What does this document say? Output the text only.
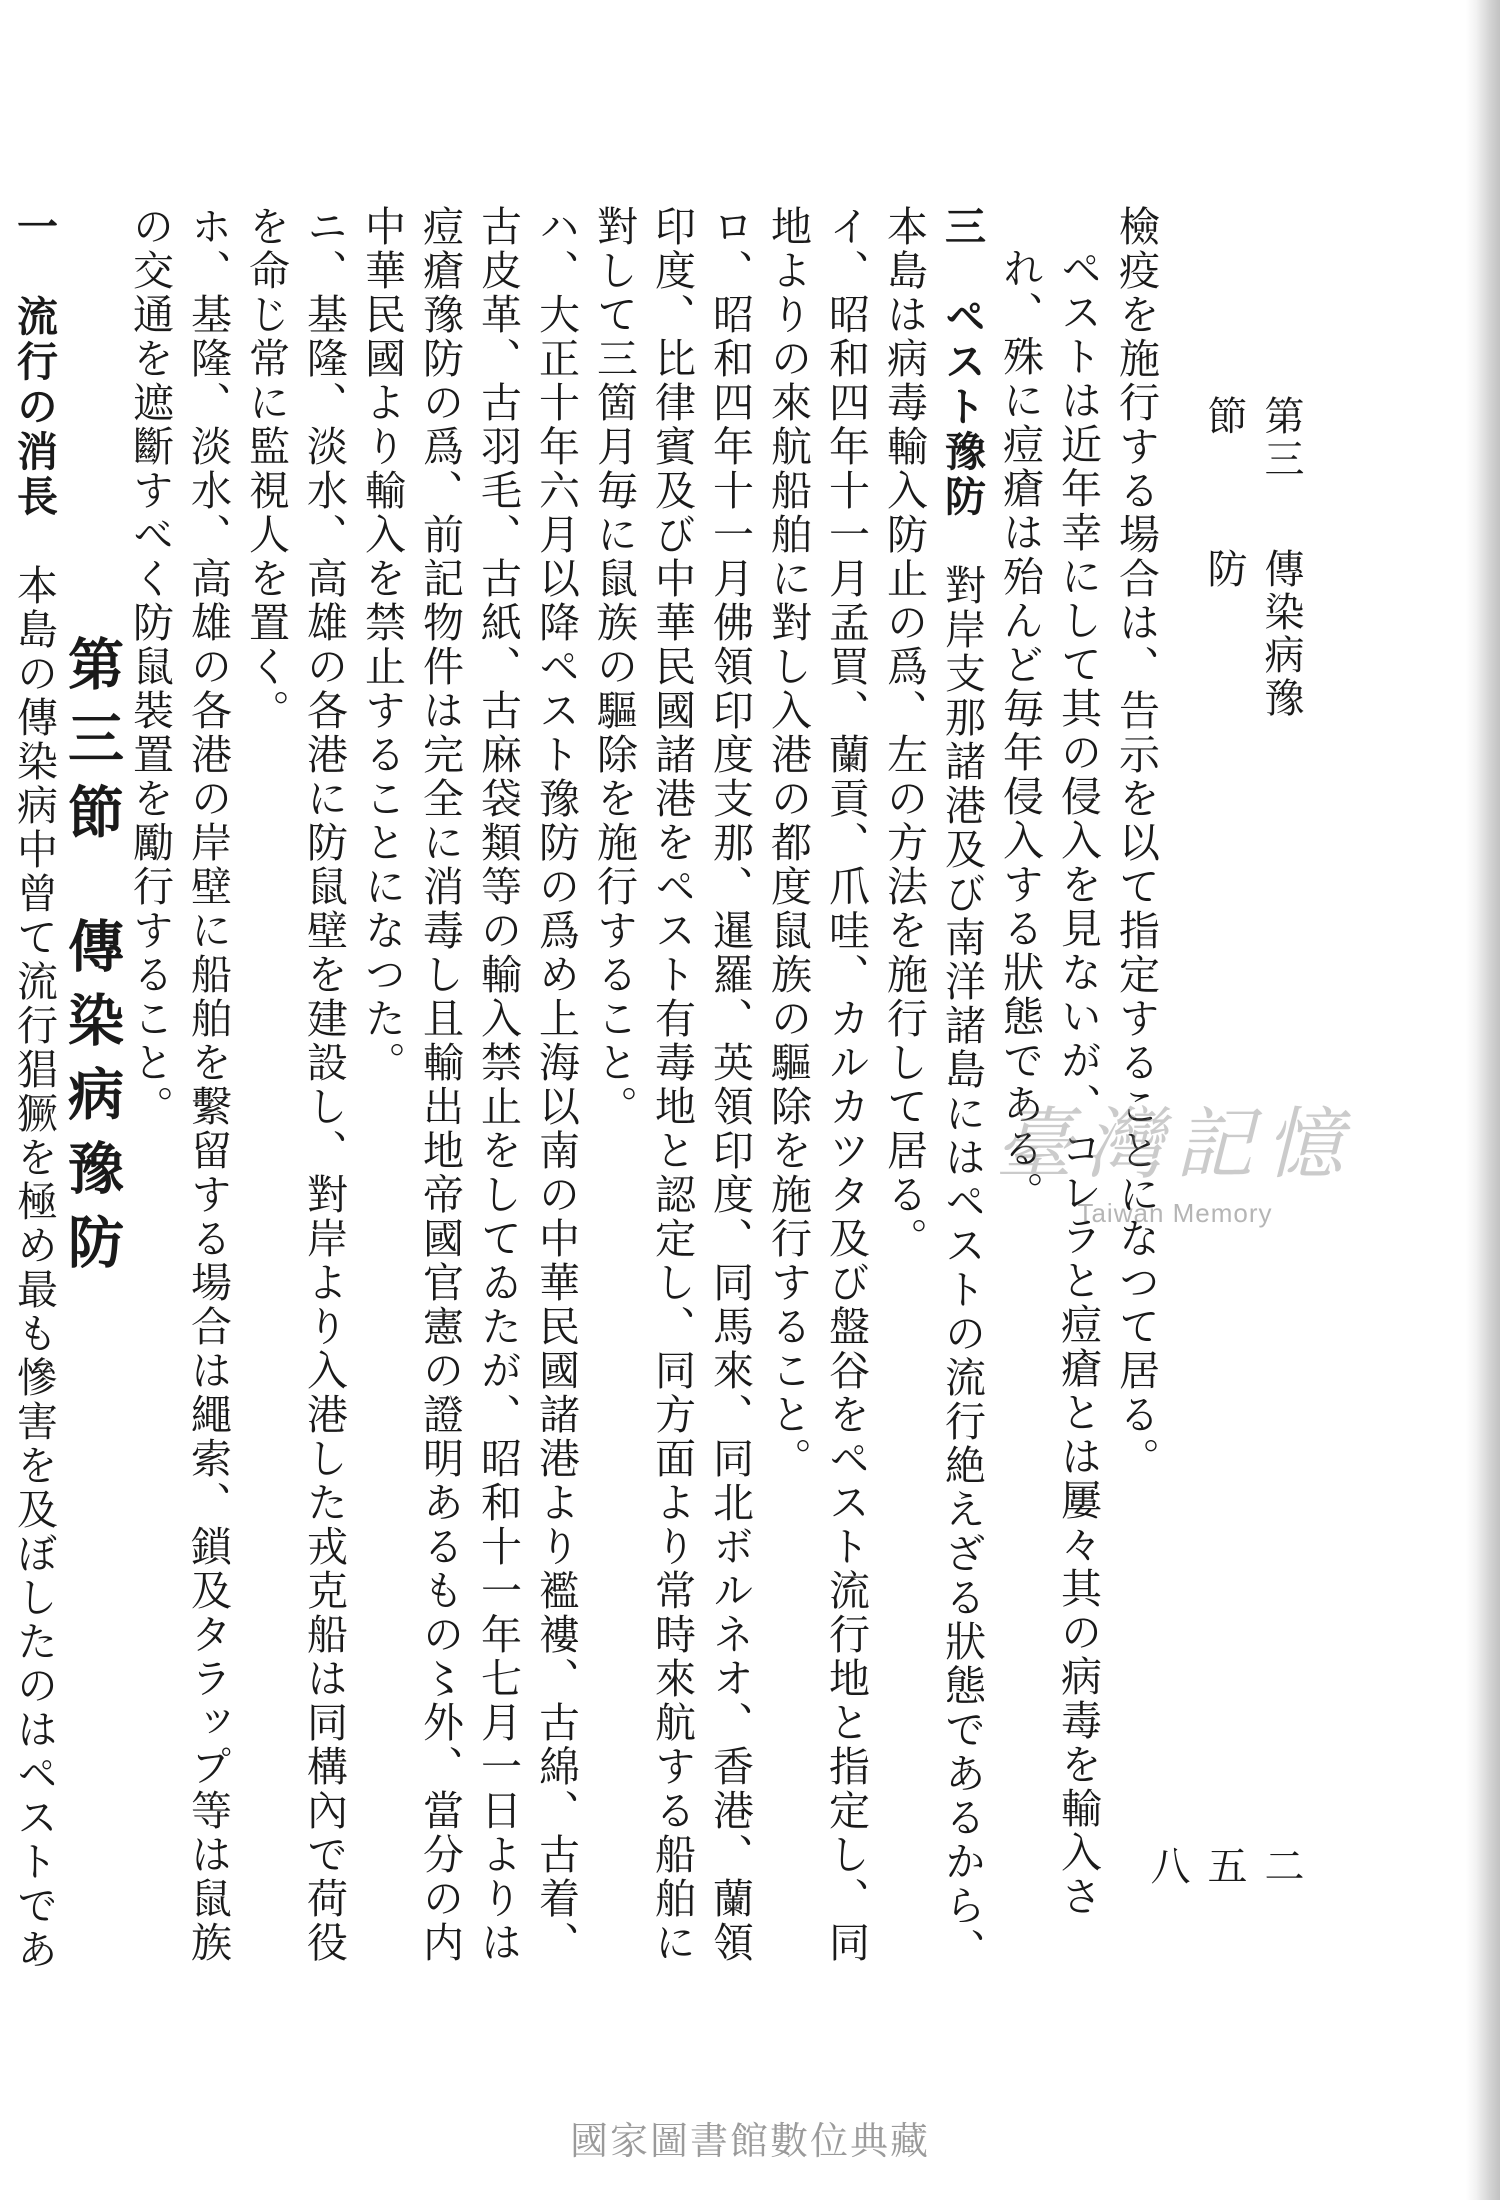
第三節
傳染病豫防
二五八

檢疫を施行する場合は、告示を以て指定することになつて居る。

ペストは近年幸にして其の侵入を見ないが、コレラと痘瘡とは屢々其の病毒を輸入され、殊に痘瘡は殆んど毎年侵入する狀態である。

三　ペスト豫防　對岸支那諸港及び南洋諸島にはペストの流行絶えざる狀態であるから、本島は病毒輸入防止の爲、左の方法を施行して居る。

イ、昭和四年十一月孟買、蘭貢、爪哇、カルカツタ及び盤谷をペスト流行地と指定し、同地よりの來航船舶に對し入港の都度鼠族の驅除を施行すること。

ロ、昭和四年十一月佛領印度支那、暹羅、英領印度、同馬來、同北ボルネオ、香港、蘭領印度、比律賓及び中華民國諸港をペスト有毒地と認定し、同方面より常時來航する船舶に對して三箇月毎に鼠族の驅除を施行すること。

ハ、大正十年六月以降ペスト豫防の爲め上海以南の中華民國諸港より襤褸、古綿、古着、古皮革、古羽毛、古紙、古麻袋類等の輸入禁止をしてゐたが、昭和十一年七月一日よりは痘瘡豫防の爲、前記物件は完全に消毒し且輸出地帝國官憲の證明あるもの〻外、當分の内中華民國より輸入を禁止することになつた。

ニ、基隆、淡水、高雄の各港に防鼠壁を建設し、對岸より入港した戎克船は同構內で荷役を命じ常に監視人を置く。

ホ、基隆、淡水、高雄の各港の岸壁に船舶を繫留する場合は繩索、鎖及タラップ等は鼠族の交通を遮斷すべく防鼠裝置を勵行すること。

第三節傳染病豫防

一　流行の消長　本島の傳染病中曾て流行猖獗を極め最も慘害を及ぼしたのはペストであ

臺灣記憶
Taiwan Memory
國家圖書館數位典藏
